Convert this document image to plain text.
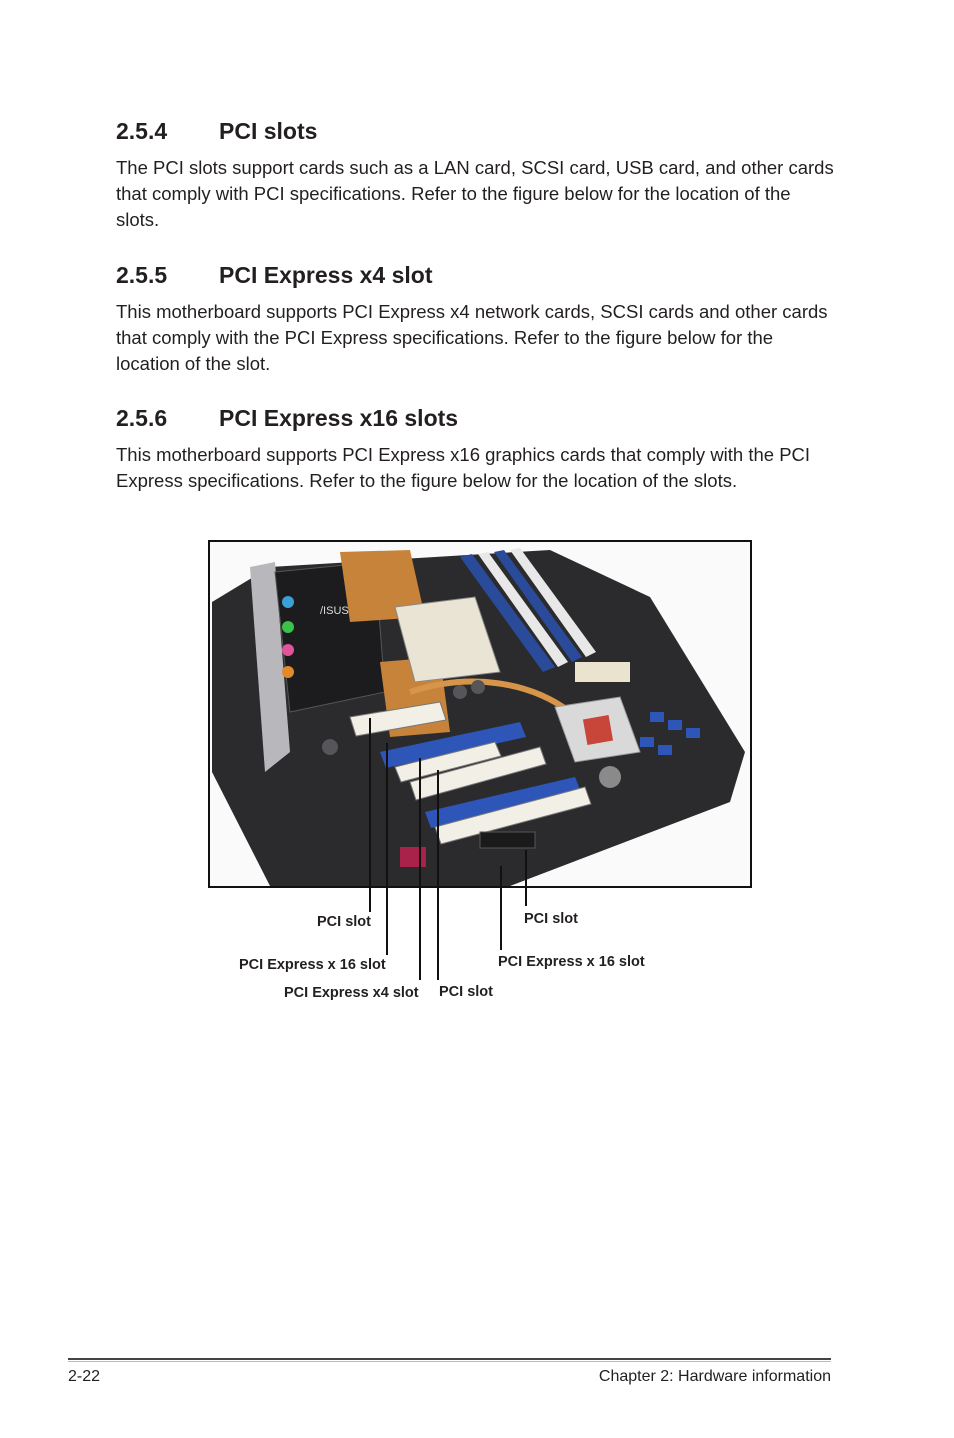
2.5.4	PCI slots

The PCI slots support cards such as a LAN card, SCSI card, USB card, and other cards that comply with PCI specifications. Refer to the figure below for the location of the slots.

2.5.5	PCI Express x4 slot

This motherboard supports PCI Express x4 network cards, SCSI cards and other cards that comply with the PCI Express specifications. Refer to the figure below for the location of the slot.

2.5.6	PCI Express x16 slots

This motherboard supports PCI Express x16 graphics cards that comply with the PCI Express specifications. Refer to the figure below for the location of the slots.

/ISUS
PCI slot
PCI Express x 16 slot
PCI Express x4 slot PCI slot
PCI slot
PCI Express x 16 slot
2-22	Chapter 2: Hardware information
